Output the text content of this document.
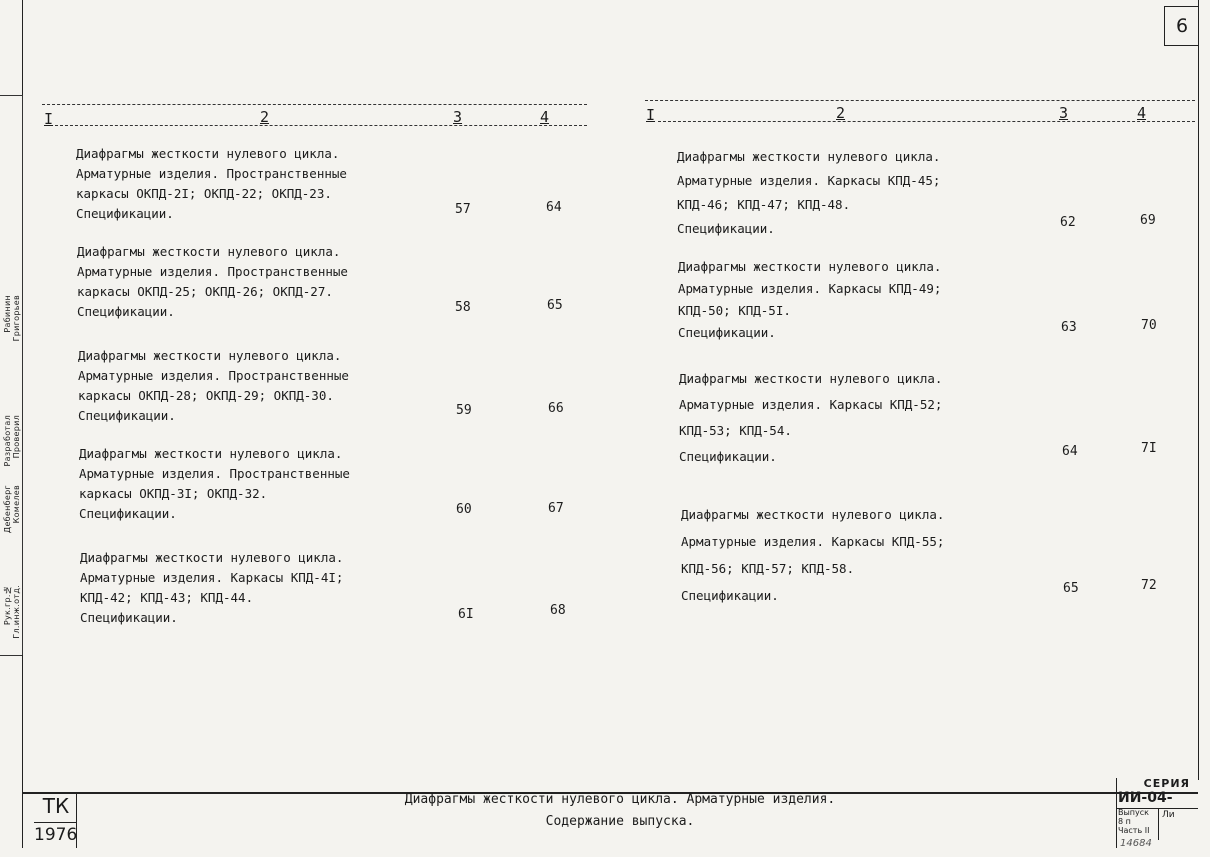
6
Рук.гр.№ Гл.инж.отд.
Дебенберг Комелев
Разработал Проверил
Рабинин Григорьев
I	2	3	4	I	2	3	4
Диафрагмы жесткости нулевого цикла.
Арматурные изделия. Пространственные
каркасы ОКПД-2I; ОКПД-22; ОКПД-23.
Спецификации.	57	64
Диафрагмы жесткости нулевого цикла.
Арматурные изделия. Пространственные
каркасы ОКПД-25; ОКПД-26; ОКПД-27.
Спецификации.	58	65
Диафрагмы жесткости нулевого цикла.
Арматурные изделия. Пространственные
каркасы ОКПД-28; ОКПД-29; ОКПД-30.
Спецификации.	59	66
Диафрагмы жесткости нулевого цикла.
Арматурные изделия. Пространственные
каркасы ОКПД-3I; ОКПД-32.
Спецификации.	60	67
Диафрагмы жесткости нулевого цикла.
Арматурные изделия. Каркасы КПД-4I;
КПД-42; КПД-43; КПД-44.
Спецификации.	6I	68
Диафрагмы жесткости нулевого цикла.
Арматурные изделия. Каркасы КПД-45;
КПД-46; КПД-47; КПД-48.
Спецификации.	62	69
Диафрагмы жесткости нулевого цикла.
Арматурные изделия. Каркасы КПД-49;
КПД-50; КПД-5I.
Спецификации.	63	70
Диафрагмы жесткости нулевого цикла.
Арматурные изделия. Каркасы КПД-52;
КПД-53; КПД-54.
Спецификации.	64	7I
Диафрагмы жесткости нулевого цикла.
Арматурные изделия. Каркасы КПД-55;
КПД-56; КПД-57; КПД-58.
Спецификации.	65	72
ТК
1976
Диафрагмы жесткости нулевого цикла. Арматурные изделия.
Содержание выпуска.
СЕРИЯ
ИИ-04-
Выпуск
8 п
Часть II
Ли
14684
